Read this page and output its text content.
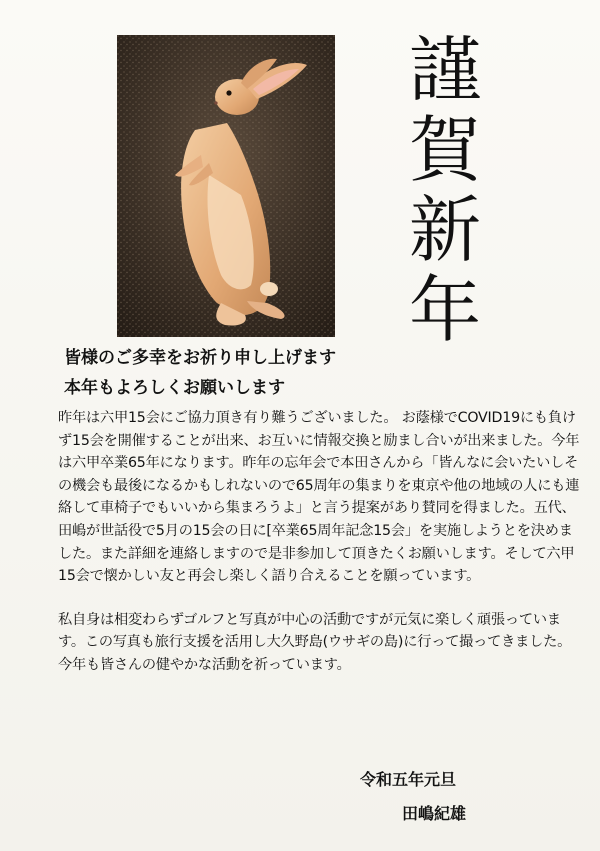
謹
賀
新
年
皆様のご多幸をお祈り申し上げます
本年もよろしくお願いします

昨年は六甲15会にご協力頂き有り難うございました。 お蔭様でCOVID19にも負けず15会を開催することが出来、お互いに情報交換と励まし合いが出来ました。今年は六甲卒業65年になります。昨年の忘年会で本田さんから「皆んなに会いたいしその機会も最後になるかもしれないので65周年の集まりを東京や他の地域の人にも連絡して車椅子でもいいから集まろうよ」と言う提案があり賛同を得ました。五代、田嶋が世話役で5月の15会の日に[卒業65周年記念15会」を実施しようとを決めました。また詳細を連絡しますので是非参加して頂きたくお願いします。そして六甲15会で懐かしい友と再会し楽しく語り合えることを願っています。

私自身は相変わらずゴルフと写真が中心の活動ですが元気に楽しく頑張っています。この写真も旅行支援を活用し大久野島(ウサギの島)に行って撮ってきました。

今年も皆さんの健やかな活動を祈っています。

令和五年元旦
田嶋紀雄
